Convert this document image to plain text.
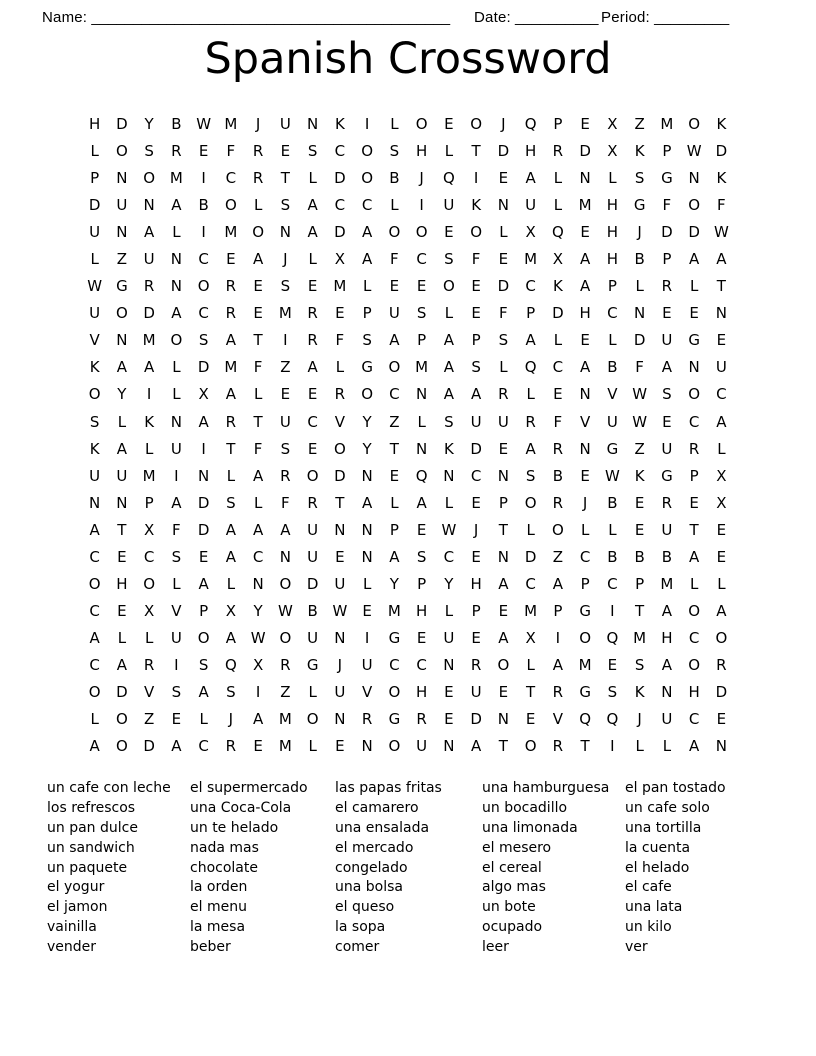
Name: ___________________________________________ Date: __________ Period: _________
Spanish Crossword
H	D	Y	B W M	J	U	N	K	I	L	O	E	O	J	Q	P	E	X	Z	M O	K
L	O	S	R	E	F	R	E	S	C	O	S	H	L	T	D	H	R	D	X	K	P	W D
P	N	O M	I	C	R	T	L	D	O	B	J	Q	I	E	A	L	N	L	S	G	N	K
D	U	N	A	B	O	L	S	A	C	C	L	I	U	K	N	U	L	M	H	G	F	O	F
U	N	A	L	I	M O	N	A	D	A	O	O	E	O	L	X	Q	E	H	J	D	D W
L	Z	U	N	C	E	A	J	L	X	A	F	C	S	F	E	M	X	A	H	B	P	A	A
W G	R	N	O	R	E	S	E	M	L	E	E	O	E	D	C	K	A	P	L	R	L	T
U	O	D	A	C	R	E	M	R	E	P	U	S	L	E	F	P	D	H	C	N	E	E	N
V	N	M O	S	A	T	I	R	F	S	A	P	A	P	S	A	L	E	L	D	U	G	E
K	A	A	L	D M	F	Z	A	L	G	O M	A	S	L	Q	C	A	B	F	A	N	U
O	Y	I	L	X	A	L	E	E	R	O	C	N	A	A	R	L	E	N	V W	S	O	C
S	L	K	N	A	R	T	U	C	V	Y	Z	L	S	U	U	R	F	V	U W	E	C	A
K	A	L	U	I	T	F	S	E	O	Y	T	N	K	D	E	A	R	N	G	Z	U	R	L
U	U	M	I	N	L	A	R	O	D	N	E	Q	N	C	N	S	B	E	W K	G	P	X
N	N	P	A	D	S	L	F	R	T	A	L	A	L	E	P	O	R	J	B	E	R	E	X
A	T	X	F	D	A	A	A	U	N	N	P	E	W	J	T	L	O	L	L	E	U	T	E
C	E	C	S	E	A	C	N	U	E	N	A	S	C	E	N	D	Z	C	B	B	B	A	E
O	H	O	L	A	L	N	O	D	U	L	Y	P	Y	H	A	C	A	P	C	P	M	L	L
C	E	X	V	P	X	Y	W B W	E	M	H	L	P	E	M	P	G	I	T	A	O	A
A	L	L	U	O	A W O	U	N	I	G	E	U	E	A	X	I	O	Q M	H	C	O
C	A	R	I	S	Q	X	R	G	J	U	C	C	N	R	O	L	A	M	E	S	A	O	R
O	D	V	S	A	S	I	Z	L	U	V	O	H	E	U	E	T	R	G	S	K	N	H	D
L	O	Z	E	L	J	A	M O	N	R	G	R	E	D	N	E	V	Q	Q	J	U	C	E
A	O	D	A	C	R	E	M	L	E	N	O	U	N	A	T	O	R	T	I	L	L	A	N
un cafe con leche
los refrescos
un pan dulce
un sandwich
un paquete
el yogur
el jamon
vainilla
vender
el supermercado
una Coca-Cola
un te helado
nada mas
chocolate
la orden
el menu
la mesa
beber
las papas fritas
el camarero
una ensalada
el mercado
congelado
una bolsa
el queso
la sopa
comer
una hamburguesa
un bocadillo
una limonada
el mesero
el cereal
algo mas
un bote
ocupado
leer
el pan tostado
un cafe solo
una tortilla
la cuenta
el helado
el cafe
una lata
un kilo
ver
